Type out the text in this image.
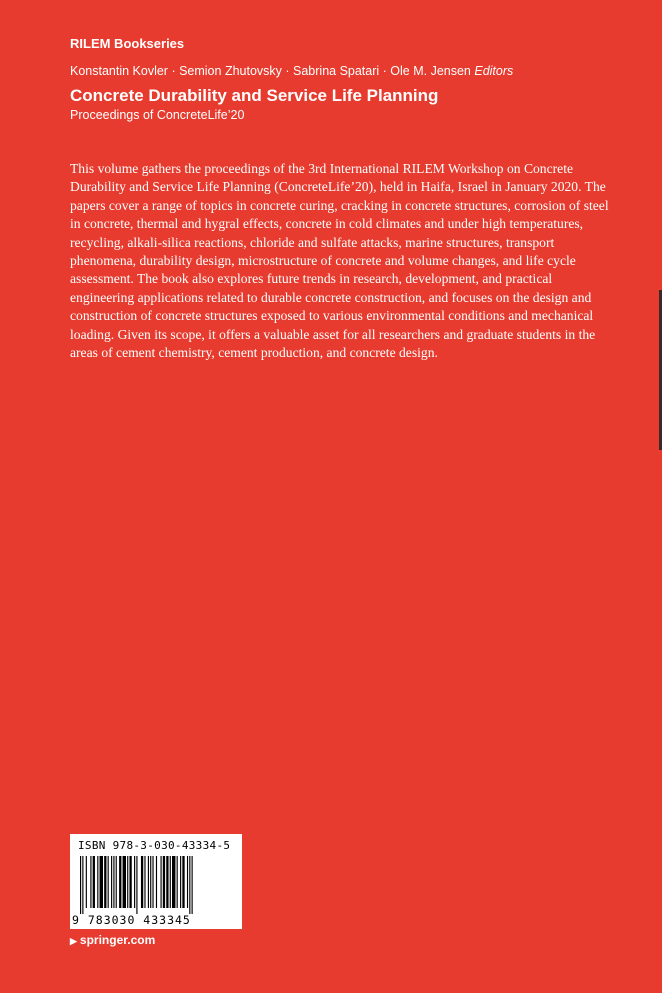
RILEM Bookseries
Konstantin Kovler · Semion Zhutovsky · Sabrina Spatari · Ole M. Jensen Editors
Concrete Durability and Service Life Planning
Proceedings of ConcreteLife’20

This volume gathers the proceedings of the 3rd International RILEM Workshop on Concrete Durability and Service Life Planning (ConcreteLife’20), held in Haifa, Israel in January 2020. The papers cover a range of topics in concrete curing, cracking in concrete structures, corrosion of steel in concrete, thermal and hygral effects, concrete in cold climates and under high temperatures, recycling, alkali-silica reactions, chloride and sulfate attacks, marine structures, transport phenomena, durability design, microstructure of concrete and volume changes, and life cycle assessment. The book also explores future trends in research, development, and practical engineering applications related to durable concrete construction, and focuses on the design and construction of concrete structures exposed to various environmental conditions and mechanical loading. Given its scope, it offers a valuable asset for all researchers and graduate students in the areas of cement chemistry, cement production, and concrete design.

ISBN 978-3-030-43334-5
9 783030 433345
▶ springer.com
